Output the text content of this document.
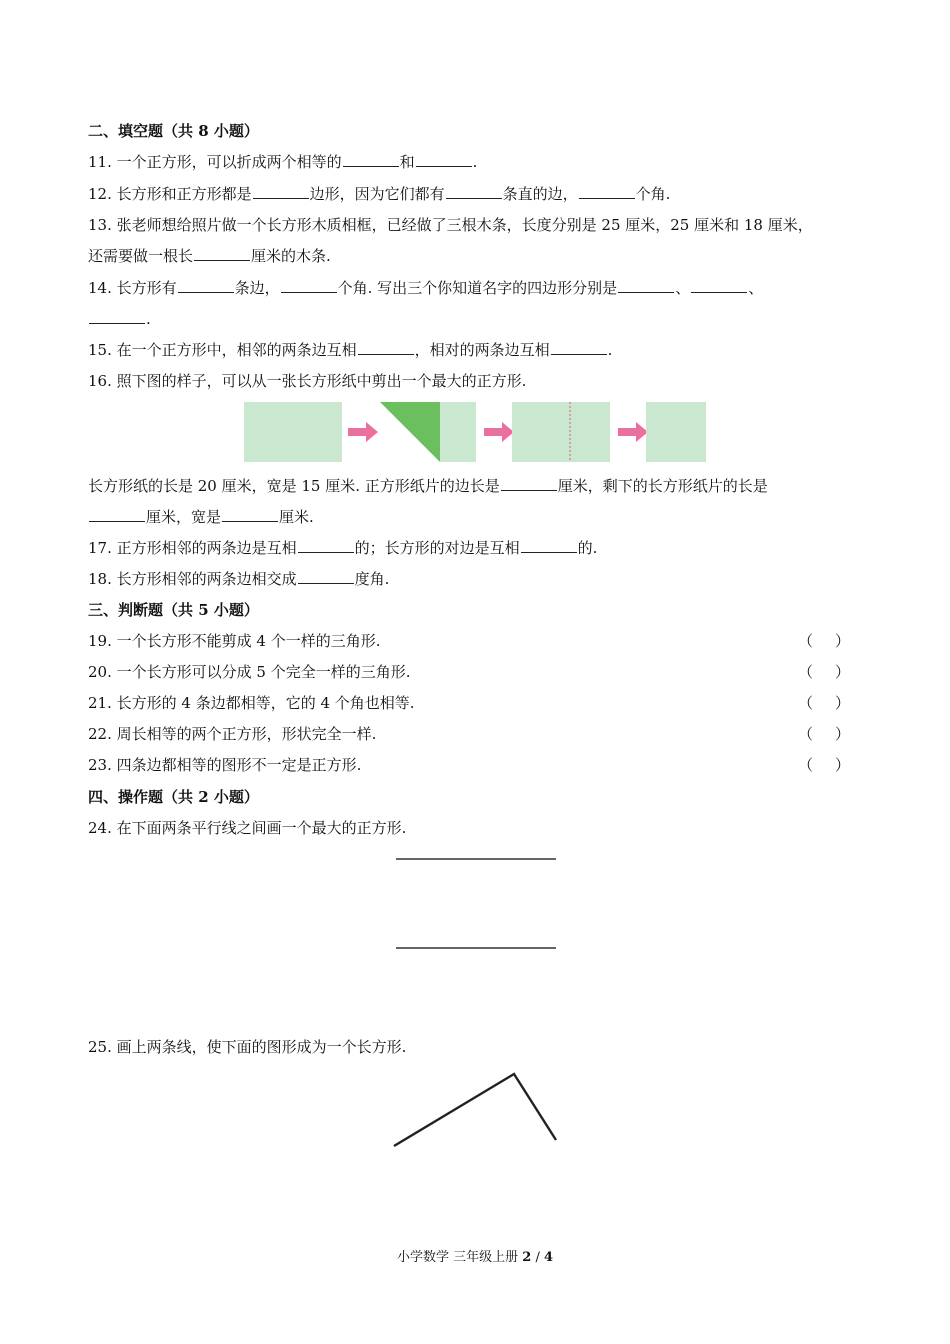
二、填空题（共 8 小题）
11. 一个正方形，可以折成两个相等的	和	.
12. 长方形和正方形都是	边形，因为它们都有	条直的边，	个角.
13. 张老师想给照片做一个长方形木质相框，已经做了三根木条，长度分别是 25 厘米，25 厘米和 18 厘米，
还需要做一根长	厘米的木条.
14. 长方形有	条边，	个角. 写出三个你知道名字的四边形分别是	、	、
.
15. 在一个正方形中，相邻的两条边互相	，相对的两条边互相	.
16. 照下图的样子，可以从一张长方形纸中剪出一个最大的正方形.
长方形纸的长是 20 厘米，宽是 15 厘米. 正方形纸片的边长是	厘米，剩下的长方形纸片的长是
厘米，宽是	厘米.
17. 正方形相邻的两条边是互相	的；长方形的对边是互相	的.
18. 长方形相邻的两条边相交成	度角.
三、判断题（共 5 小题）
19. 一个长方形不能剪成 4 个一样的三角形.	（ ）
20. 一个长方形可以分成 5 个完全一样的三角形.	（ ）
21. 长方形的 4 条边都相等，它的 4 个角也相等.	（ ）
22. 周长相等的两个正方形，形状完全一样.	（ ）
23. 四条边都相等的图形不一定是正方形.	（ ）
四、操作题（共 2 小题）
24. 在下面两条平行线之间画一个最大的正方形.
25. 画上两条线，使下面的图形成为一个长方形.
小学数学 三年级上册 2 / 4
